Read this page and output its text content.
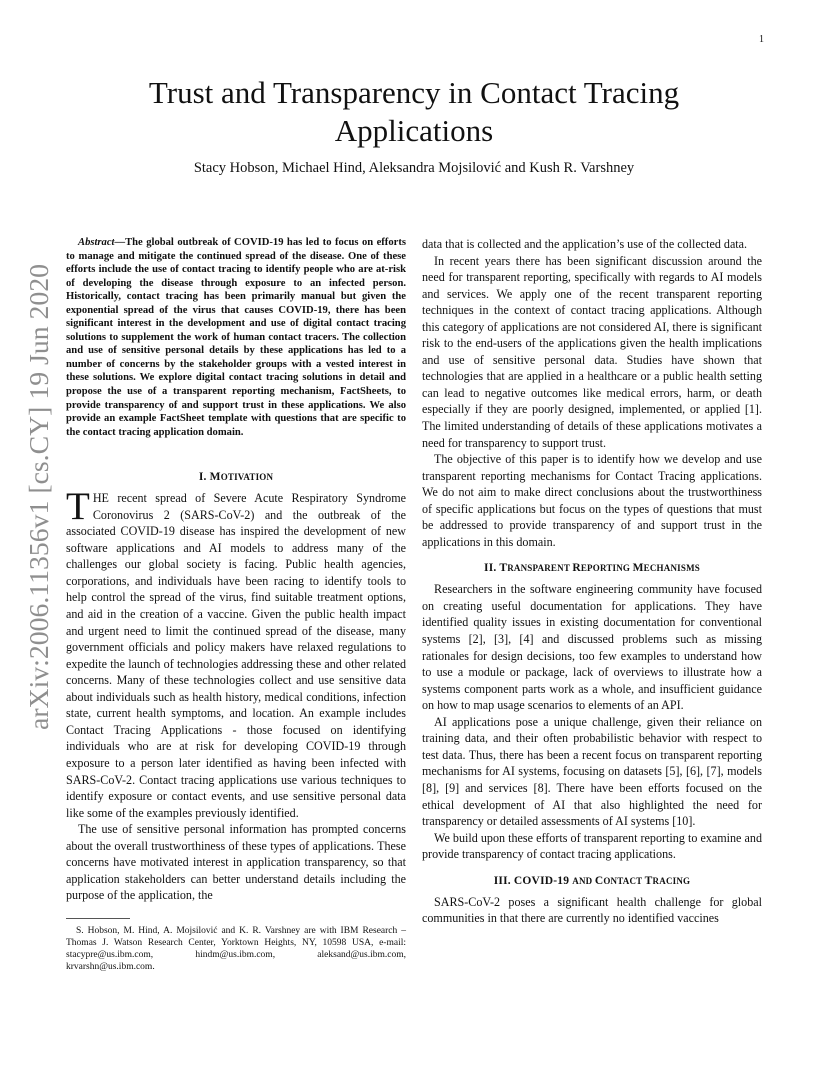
1
arXiv:2006.11356v1 [cs.CY] 19 Jun 2020
Trust and Transparency in Contact Tracing
Applications
Stacy Hobson, Michael Hind, Aleksandra Mojsilović and Kush R. Varshney

Abstract—The global outbreak of COVID-19 has led to focus on efforts to manage and mitigate the continued spread of the disease. One of these efforts include the use of contact tracing to identify people who are at-risk of developing the disease through exposure to an infected person. Historically, contact tracing has been primarily manual but given the exponential spread of the virus that causes COVID-19, there has been significant interest in the development and use of digital contact tracing solutions to supplement the work of human contact tracers. The collection and use of sensitive personal details by these applications has led to a number of concerns by the stakeholder groups with a vested interest in these solutions. We explore digital contact tracing solutions in detail and propose the use of a transparent reporting mechanism, FactSheets, to provide transparency of and support trust in these applications. We also provide an example FactSheet template with questions that are specific to the contact tracing application domain.

I. MOTIVATION

THE recent spread of Severe Acute Respiratory Syndrome Coronovirus 2 (SARS-CoV-2) and the outbreak of the associated COVID-19 disease has inspired the development of new software applications and AI models to address many of the challenges our global society is facing. Public health agencies, corporations, and individuals have been racing to identify tools to help control the spread of the virus, find suitable treatment options, and aid in the creation of a vaccine. Given the public health impact and urgent need to limit the continued spread of the disease, many government officials and policy makers have relaxed regulations to expedite the launch of technologies addressing these and other related concerns. Many of these technologies collect and use sensitive data about individuals such as health history, medical conditions, infection state, current health symptoms, and location. An example includes Contact Tracing Applications - those focused on identifying individuals who are at risk for developing COVID-19 through exposure to a person later identified as having been infected with SARS-CoV-2. Contact tracing applications use various techniques to identify exposure or contact events, and use sensitive personal data like some of the examples previously identified.

The use of sensitive personal information has prompted concerns about the overall trustworthiness of these types of applications. These concerns have motivated interest in application transparency, so that application stakeholders can better understand details including the purpose of the application, the

S. Hobson, M. Hind, A. Mojsilović and K. R. Varshney are with IBM Research – Thomas J. Watson Research Center, Yorktown Heights, NY, 10598 USA, e-mail: stacypre@us.ibm.com, hindm@us.ibm.com, aleksand@us.ibm.com, krvarshn@us.ibm.com.

data that is collected and the application’s use of the collected data.

In recent years there has been significant discussion around the need for transparent reporting, specifically with regards to AI models and services. We apply one of the recent transparent reporting techniques in the context of contact tracing applications. Although this category of applications are not considered AI, there is significant risk to the end-users of the applications given the health implications and use of sensitive personal data. Studies have shown that technologies that are applied in a healthcare or a public health setting can lead to negative outcomes like medical errors, harm, or death especially if they are poorly designed, implemented, or applied [1]. The limited understanding of details of these applications motivates a need for transparency to support trust.

The objective of this paper is to identify how we develop and use transparent reporting mechanisms for Contact Tracing applications. We do not aim to make direct conclusions about the trustworthiness of specific applications but focus on the types of questions that must be addressed to provide transparency of and support trust in the applications in this domain.

II. TRANSPARENT REPORTING MECHANISMS

Researchers in the software engineering community have focused on creating useful documentation for applications. They have identified quality issues in existing documentation for conventional systems [2], [3], [4] and discussed problems such as missing rationales for design decisions, too few examples to understand how to use a module or package, lack of overviews to illustrate how a systems component parts work as a whole, and insufficient guidance on how to map usage scenarios to elements of an API.

AI applications pose a unique challenge, given their reliance on training data, and their often probabilistic behavior with respect to test data. Thus, there has been a recent focus on transparent reporting mechanisms for AI systems, focusing on datasets [5], [6], [7], models [8], [9] and services [8]. There have been efforts focused on the ethical development of AI that also highlighted the need for transparency or detailed assessments of AI systems [10].

We build upon these efforts of transparent reporting to examine and provide transparency of contact tracing applications.

III. COVID-19 AND CONTACT TRACING

SARS-CoV-2 poses a significant health challenge for global communities in that there are currently no identified vaccines
